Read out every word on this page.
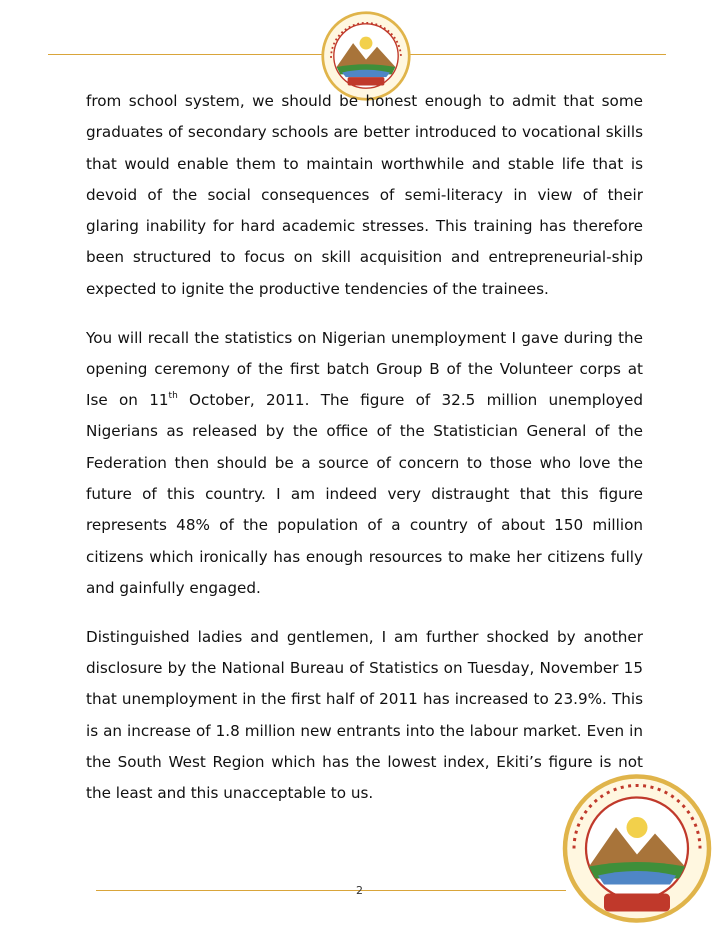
from school system, we should be honest enough to admit that some graduates of secondary schools are better introduced to vocational skills that would enable them to maintain worthwhile and stable life that is devoid of the social consequences of semi-literacy in view of their glaring inability for hard academic stresses. This training has therefore been structured to focus on skill acquisition and entrepreneurial-ship expected to ignite the productive tendencies of the trainees.

You will recall the statistics on Nigerian unemployment I gave during the opening ceremony of the first batch Group B of the Volunteer corps at Ise on 11th October, 2011. The figure of 32.5 million unemployed Nigerians as released by the office of the Statistician General of the Federation then should be a source of concern to those who love the future of this country. I am indeed very distraught that this figure represents 48% of the population of a country of about 150 million citizens which ironically has enough resources to make her citizens fully and gainfully engaged.

Distinguished ladies and gentlemen, I am further shocked by another disclosure by the National Bureau of Statistics on Tuesday, November 15 that unemployment in the first half of 2011 has increased to 23.9%. This is an increase of 1.8 million new entrants into the labour market. Even in the South West Region which has the lowest index, Ekiti’s figure is not the least and this unacceptable to us.

2
